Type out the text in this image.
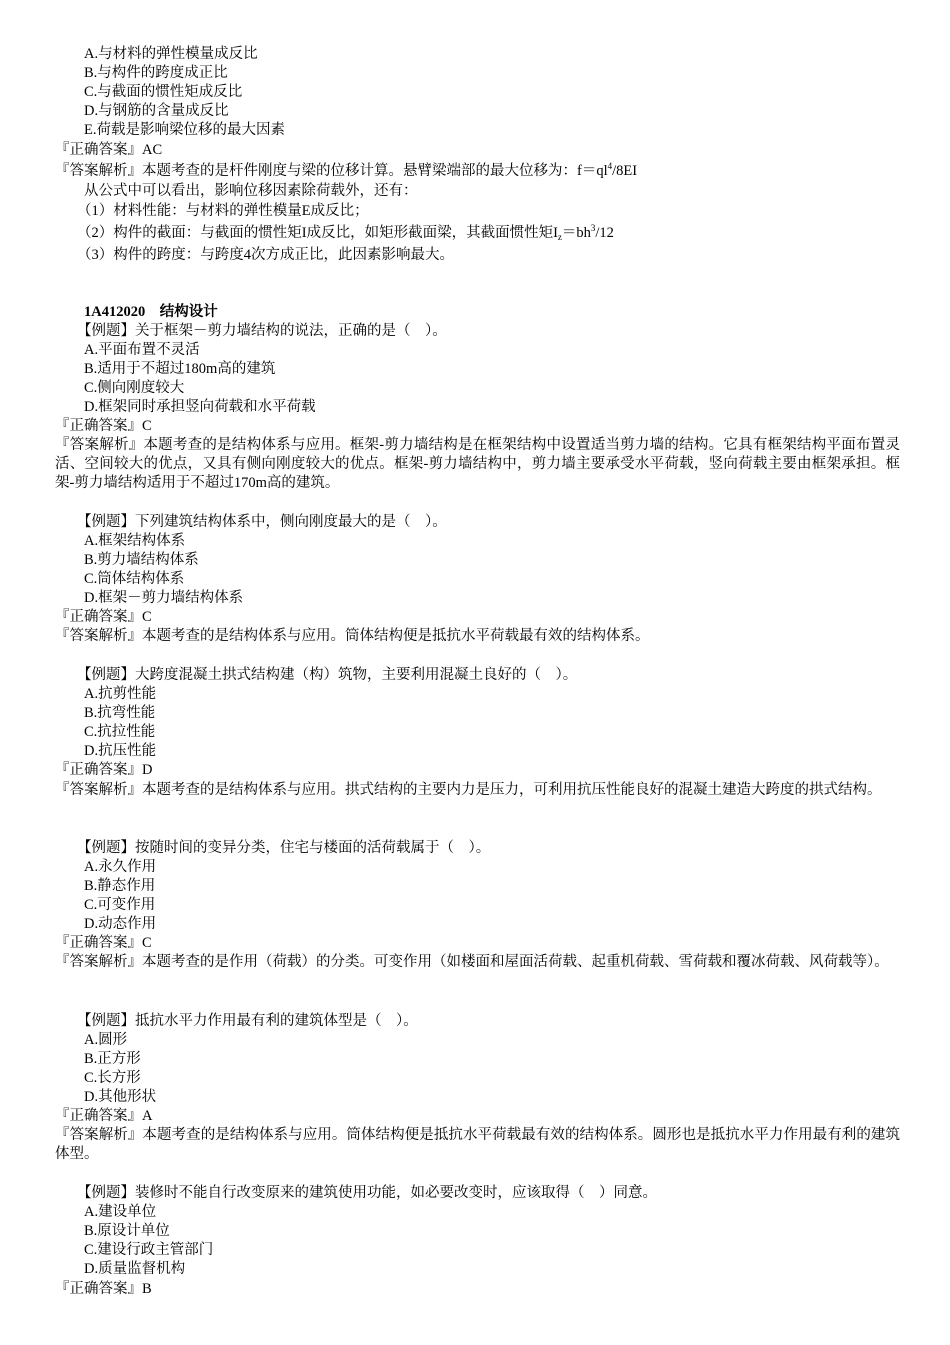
A.与材料的弹性模量成反比
B.与构件的跨度成正比
C.与截面的惯性矩成反比
D.与钢筋的含量成反比
E.荷载是影响梁位移的最大因素
『正确答案』AC
『答案解析』本题考查的是杆件刚度与梁的位移计算。悬臂梁端部的最大位移为：$f=ql^4/8EI$
从公式中可以看出，影响位移因素除荷载外，还有：
（1）材料性能：与材料的弹性模量E成反比；
（2）构件的截面：与截面的惯性矩I成反比，如矩形截面梁，其截面惯性矩$I_z=bh^3/12$
（3）构件的跨度：与跨度4次方成正比，此因素影响最大。
1A412020　结构设计
【例题】关于框架－剪力墙结构的说法，正确的是（　）。
A.平面布置不灵活
B.适用于不超过180m高的建筑
C.侧向刚度较大
D.框架同时承担竖向荷载和水平荷载
『正确答案』C
『答案解析』本题考查的是结构体系与应用。框架-剪力墙结构是在框架结构中设置适当剪力墙的结构。它具有框架结构平面布置灵活、空间较大的优点，又具有侧向刚度较大的优点。框架-剪力墙结构中，剪力墙主要承受水平荷载，竖向荷载主要由框架承担。框架-剪力墙结构适用于不超过170m高的建筑。
【例题】下列建筑结构体系中，侧向刚度最大的是（　）。
A.框架结构体系
B.剪力墙结构体系
C.筒体结构体系
D.框架－剪力墙结构体系
『正确答案』C
『答案解析』本题考查的是结构体系与应用。筒体结构便是抵抗水平荷载最有效的结构体系。
【例题】大跨度混凝土拱式结构建（构）筑物，主要利用混凝土良好的（　）。
A.抗剪性能
B.抗弯性能
C.抗拉性能
D.抗压性能
『正确答案』D
『答案解析』本题考查的是结构体系与应用。拱式结构的主要内力是压力，可利用抗压性能良好的混凝土建造大跨度的拱式结构。
【例题】按随时间的变异分类，住宅与楼面的活荷载属于（　）。
A.永久作用
B.静态作用
C.可变作用
D.动态作用
『正确答案』C
『答案解析』本题考查的是作用（荷载）的分类。可变作用（如楼面和屋面活荷载、起重机荷载、雪荷载和覆冰荷载、风荷载等）。
【例题】抵抗水平力作用最有利的建筑体型是（　）。
A.圆形
B.正方形
C.长方形
D.其他形状
『正确答案』A
『答案解析』本题考查的是结构体系与应用。筒体结构便是抵抗水平荷载最有效的结构体系。圆形也是抵抗水平力作用最有利的建筑体型。
【例题】装修时不能自行改变原来的建筑使用功能，如必要改变时，应该取得（　）同意。
A.建设单位
B.原设计单位
C.建设行政主管部门
D.质量监督机构
『正确答案』B
